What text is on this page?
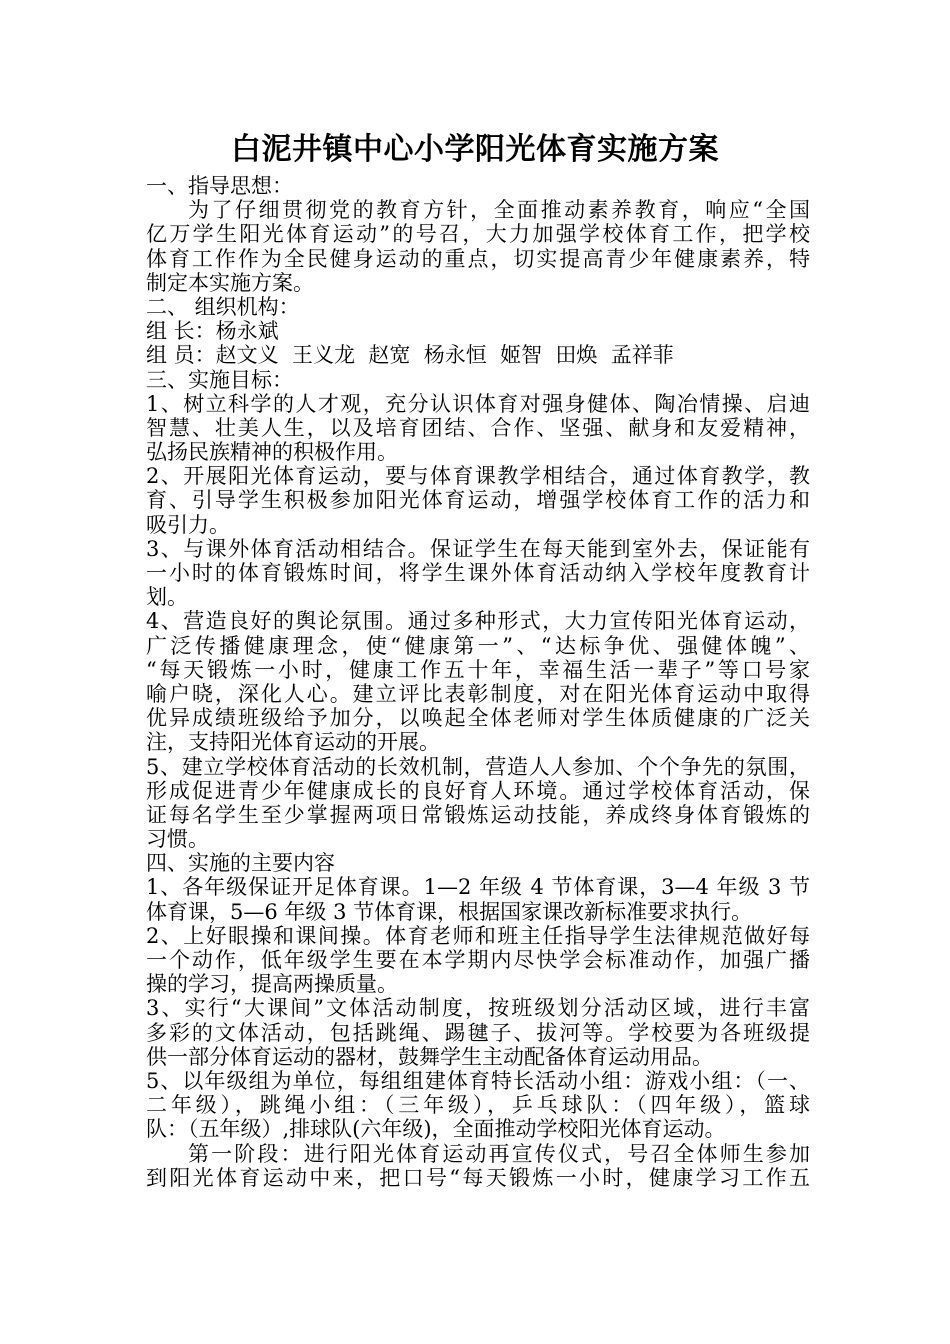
白泥井镇中心小学阳光体育实施方案
一、指导思想：
为了仔细贯彻党的教育方针，全面推动素养教育，响应“全国
亿万学生阳光体育运动”的号召，大力加强学校体育工作，把学校
体育工作作为全民健身运动的重点，切实提高青少年健康素养，特
制定本实施方案。
二、 组织机构：
组 长：杨永斌
组 员：赵文义  王义龙  赵宽  杨永恒  姬智  田焕  孟祥菲
三、实施目标：
1、树立科学的人才观，充分认识体育对强身健体、陶冶情操、启迪
智慧、壮美人生，以及培育团结、合作、坚强、献身和友爱精神，
弘扬民族精神的积极作用。
2、开展阳光体育运动，要与体育课教学相结合，通过体育教学，教
育、引导学生积极参加阳光体育运动，增强学校体育工作的活力和
吸引力。
3、与课外体育活动相结合。保证学生在每天能到室外去，保证能有
一小时的体育锻炼时间，将学生课外体育活动纳入学校年度教育计
划。
4、营造良好的舆论氛围。通过多种形式，大力宣传阳光体育运动，
广泛传播健康理念，使“健康第一”、“达标争优、强健体魄”、
“每天锻炼一小时，健康工作五十年，幸福生活一辈子”等口号家
喻户晓，深化人心。建立评比表彰制度，对在阳光体育运动中取得
优异成绩班级给予加分，以唤起全体老师对学生体质健康的广泛关
注，支持阳光体育运动的开展。
5、建立学校体育活动的长效机制，营造人人参加、个个争先的氛围，
形成促进青少年健康成长的良好育人环境。通过学校体育活动，保
证每名学生至少掌握两项日常锻炼运动技能，养成终身体育锻炼的
习惯。
四、实施的主要内容
1、各年级保证开足体育课。1—2 年级 4 节体育课，3—4 年级 3 节
体育课，5—6 年级 3 节体育课，根据国家课改新标准要求执行。
2、上好眼操和课间操。体育老师和班主任指导学生法律规范做好每
一个动作，低年级学生要在本学期内尽快学会标准动作，加强广播
操的学习，提高两操质量。
3、实行“大课间”文体活动制度，按班级划分活动区域，进行丰富
多彩的文体活动，包括跳绳、踢毽子、拔河等。学校要为各班级提
供一部分体育运动的器材，鼓舞学生主动配备体育运动用品。
5、以年级组为单位，每组组建体育特长活动小组：游戏小组：（一、
二年级），跳绳小组：（三年级），乒乓球队：（四年级），篮球
队：（五年级）,排球队(六年级)，全面推动学校阳光体育运动。
第一阶段：进行阳光体育运动再宣传仪式，号召全体师生参加
到阳光体育运动中来，把口号“每天锻炼一小时，健康学习工作五
